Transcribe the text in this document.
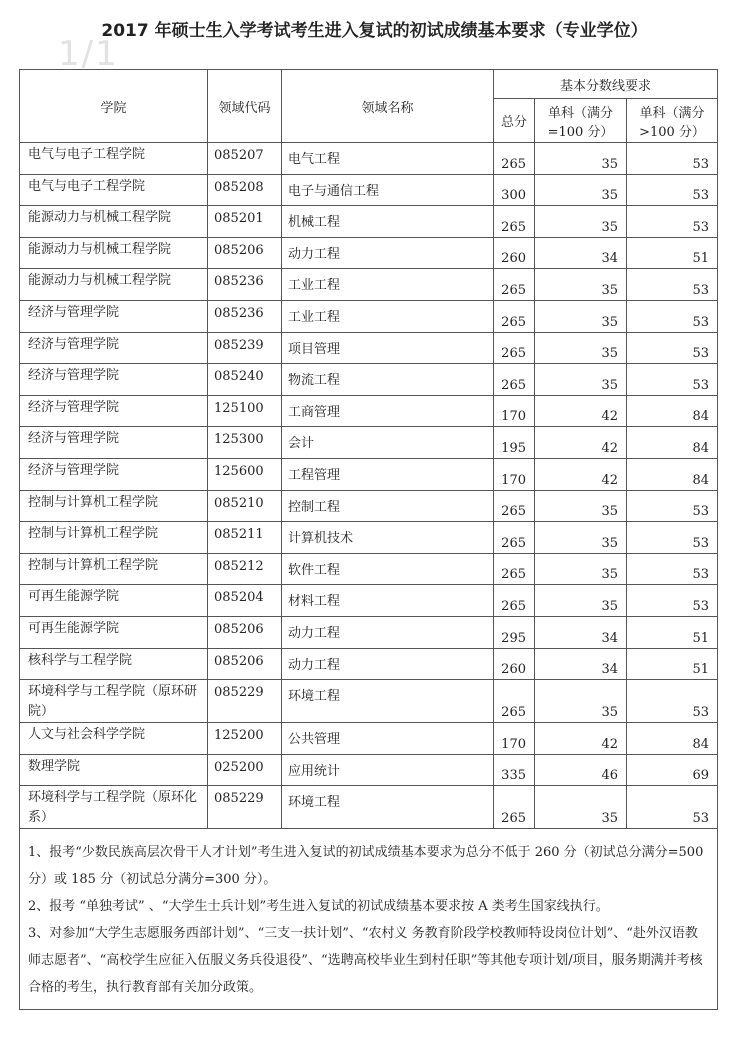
1/1
2017 年硕士生入学考试考生进入复试的初试成绩基本要求（专业学位）
学院	领域代码	领域名称	基本分数线要求		
			总分	单科（满分=100 分）	单科（满分>100 分）
电气与电子工程学院	085207	电气工程	265	35	53
电气与电子工程学院	085208	电子与通信工程	300	35	53
能源动力与机械工程学院	085201	机械工程	265	35	53
能源动力与机械工程学院	085206	动力工程	260	34	51
能源动力与机械工程学院	085236	工业工程	265	35	53
经济与管理学院	085236	工业工程	265	35	53
经济与管理学院	085239	项目管理	265	35	53
经济与管理学院	085240	物流工程	265	35	53
经济与管理学院	125100	工商管理	170	42	84
经济与管理学院	125300	会计	195	42	84
经济与管理学院	125600	工程管理	170	42	84
控制与计算机工程学院	085210	控制工程	265	35	53
控制与计算机工程学院	085211	计算机技术	265	35	53
控制与计算机工程学院	085212	软件工程	265	35	53
可再生能源学院	085204	材料工程	265	35	53
可再生能源学院	085206	动力工程	295	34	51
核科学与工程学院	085206	动力工程	260	34	51
环境科学与工程学院（原环研院）	085229	环境工程	265	35	53
人文与社会科学学院	125200	公共管理	170	42	84
数理学院	025200	应用统计	335	46	69
环境科学与工程学院（原环化系）	085229	环境工程	265	35	53

1、报考“少数民族高层次骨干人才计划”考生进入复试的初试成绩基本要求为总分不低于 260 分（初试总分满分=500 分）或 185 分（初试总分满分=300 分）。
2、报考 “单独考试” 、“大学生士兵计划”考生进入复试的初试成绩基本要求按 A 类考生国家线执行。
3、对参加“大学生志愿服务西部计划”、“三支一扶计划”、“农村义 务教育阶段学校教师特设岗位计划”、“赴外汉语教师志愿者”、“高校学生应征入伍服义务兵役退役”、“选聘高校毕业生到村任职”等其他专项计划/项目，服务期满并考核合格的考生，执行教育部有关加分政策。					
